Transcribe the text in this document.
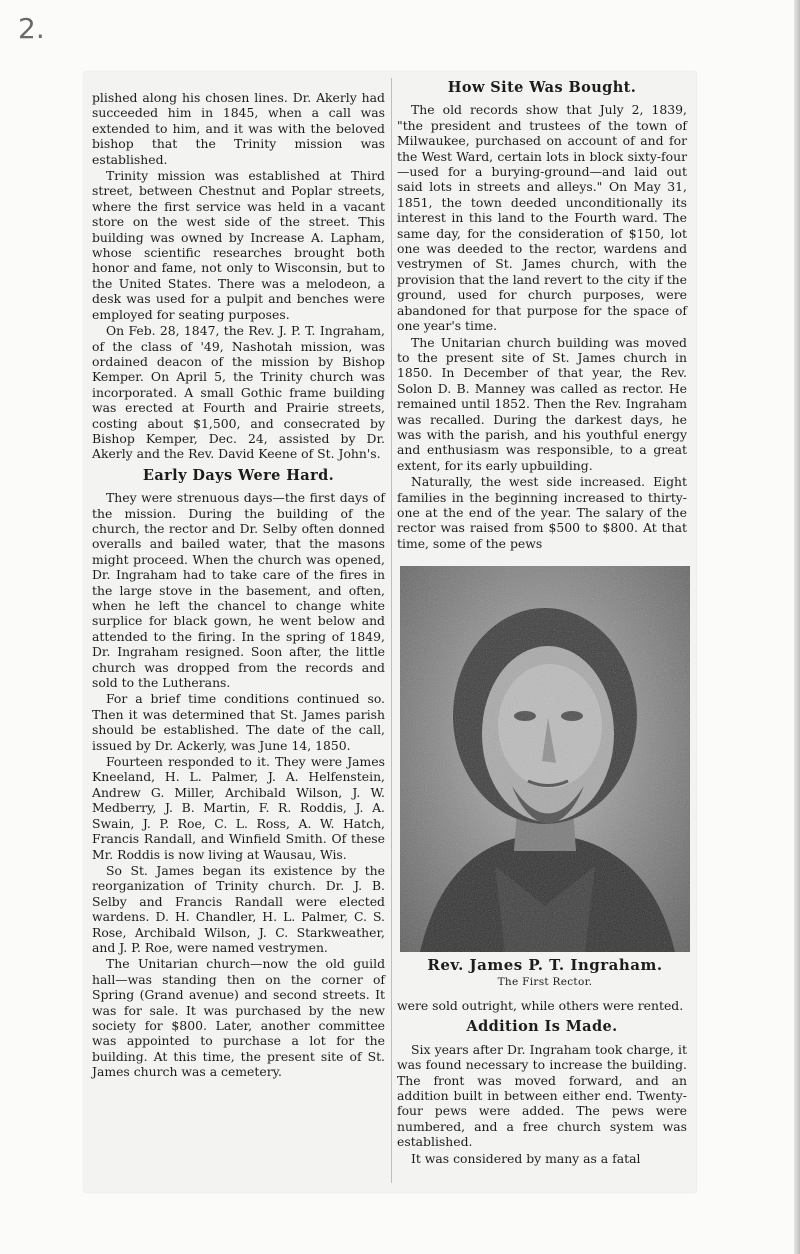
2.

plished along his chosen lines. Dr. Akerly had succeeded him in 1845, when a call was extended to him, and it was with the beloved bishop that the Trinity mission was established.

Trinity mission was established at Third street, between Chestnut and Poplar streets, where the first service was held in a vacant store on the west side of the street. This building was owned by Increase A. Lapham, whose scientific researches brought both honor and fame, not only to Wisconsin, but to the United States. There was a melodeon, a desk was used for a pulpit and benches were employed for seating purposes.

On Feb. 28, 1847, the Rev. J. P. T. Ingraham, of the class of '49, Nashotah mission, was ordained deacon of the mission by Bishop Kemper. On April 5, the Trinity church was incorporated. A small Gothic frame building was erected at Fourth and Prairie streets, costing about $1,500, and consecrated by Bishop Kemper, Dec. 24, assisted by Dr. Akerly and the Rev. David Keene of St. John's.

Early Days Were Hard.

They were strenuous days—the first days of the mission. During the building of the church, the rector and Dr. Selby often donned overalls and bailed water, that the masons might proceed. When the church was opened, Dr. Ingraham had to take care of the fires in the large stove in the basement, and often, when he left the chancel to change white surplice for black gown, he went below and attended to the firing. In the spring of 1849, Dr. Ingraham resigned. Soon after, the little church was dropped from the records and sold to the Lutherans.

For a brief time conditions continued so. Then it was determined that St. James parish should be established. The date of the call, issued by Dr. Ackerly, was June 14, 1850.

Fourteen responded to it. They were James Kneeland, H. L. Palmer, J. A. Helfenstein, Andrew G. Miller, Archibald Wilson, J. W. Medberry, J. B. Martin, F. R. Roddis, J. A. Swain, J. P. Roe, C. L. Ross, A. W. Hatch, Francis Randall, and Winfield Smith. Of these Mr. Roddis is now living at Wausau, Wis.

So St. James began its existence by the reorganization of Trinity church. Dr. J. B. Selby and Francis Randall were elected wardens. D. H. Chandler, H. L. Palmer, C. S. Rose, Archibald Wilson, J. C. Starkweather, and J. P. Roe, were named vestrymen.

The Unitarian church—now the old guild hall—was standing then on the corner of Spring (Grand avenue) and second streets. It was for sale. It was purchased by the new society for $800. Later, another committee was appointed to purchase a lot for the building. At this time, the present site of St. James church was a cemetery.

How Site Was Bought.

The old records show that July 2, 1839, "the president and trustees of the town of Milwaukee, purchased on account of and for the West Ward, certain lots in block sixty-four—used for a burying-ground—and laid out said lots in streets and alleys." On May 31, 1851, the town deeded unconditionally its interest in this land to the Fourth ward. The same day, for the consideration of $150, lot one was deeded to the rector, wardens and vestrymen of St. James church, with the provision that the land revert to the city if the ground, used for church purposes, were abandoned for that purpose for the space of one year's time.

The Unitarian church building was moved to the present site of St. James church in 1850. In December of that year, the Rev. Solon D. B. Manney was called as rector. He remained until 1852. Then the Rev. Ingraham was recalled. During the darkest days, he was with the parish, and his youthful energy and enthusiasm was responsible, to a great extent, for its early upbuilding.

Naturally, the west side increased. Eight families in the beginning increased to thirty-one at the end of the year. The salary of the rector was raised from $500 to $800. At that time, some of the pews

Rev. James P. T. Ingraham.
The First Rector.

were sold outright, while others were rented.

Addition Is Made.

Six years after Dr. Ingraham took charge, it was found necessary to increase the building. The front was moved forward, and an addition built in between either end. Twenty-four pews were added. The pews were numbered, and a free church system was established.

It was considered by many as a fatal
